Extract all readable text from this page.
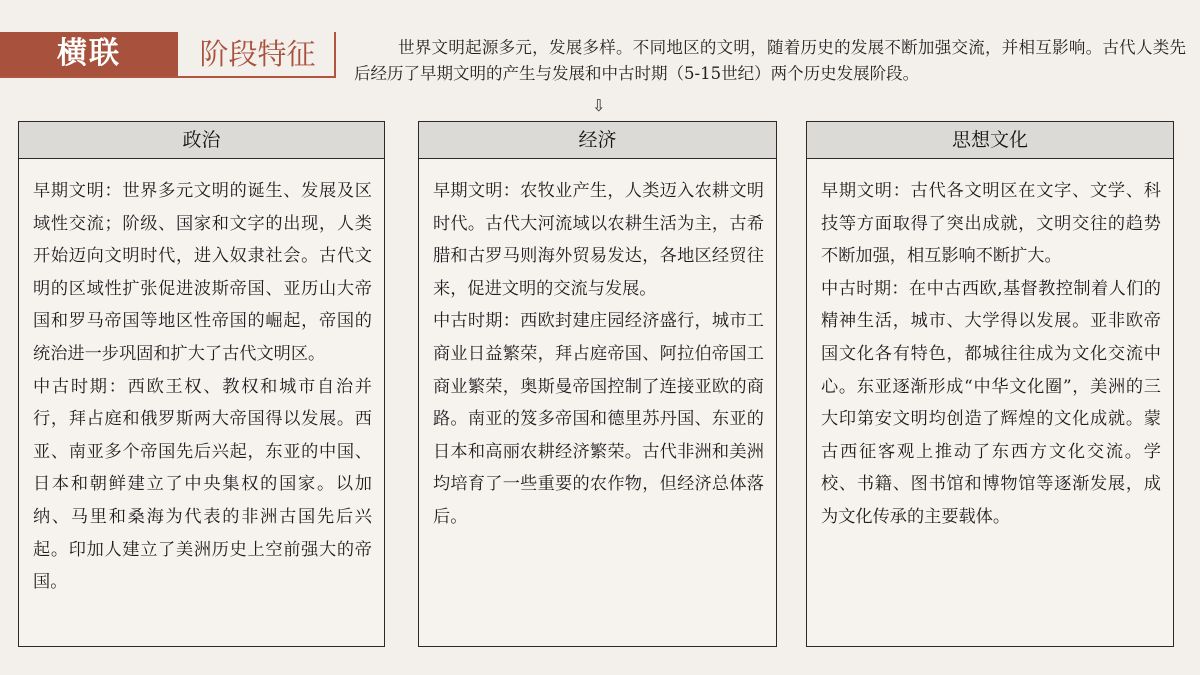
横联	阶段特征	世界文明起源多元，发展多样。不同地区的文明，随着历史的发展不断加强交流，并相互影响。古代人类先后经历了早期文明的产生与发展和中古时期（5-15世纪）两个历史发展阶段。

⇩
政治

早期文明：世界多元文明的诞生、发展及区域性交流；阶级、国家和文字的出现，人类开始迈向文明时代，进入奴隶社会。古代文明的区域性扩张促进波斯帝国、亚历山大帝国和罗马帝国等地区性帝国的崛起，帝国的统治进一步巩固和扩大了古代文明区。

中古时期：西欧王权、教权和城市自治并行，拜占庭和俄罗斯两大帝国得以发展。西亚、南亚多个帝国先后兴起，东亚的中国、日本和朝鲜建立了中央集权的国家。以加纳、马里和桑海为代表的非洲古国先后兴起。印加人建立了美洲历史上空前强大的帝国。

经济

早期文明：农牧业产生，人类迈入农耕文明时代。古代大河流域以农耕生活为主，古希腊和古罗马则海外贸易发达，各地区经贸往来，促进文明的交流与发展。

中古时期：西欧封建庄园经济盛行，城市工商业日益繁荣，拜占庭帝国、阿拉伯帝国工商业繁荣，奥斯曼帝国控制了连接亚欧的商路。南亚的笈多帝国和德里苏丹国、东亚的日本和高丽农耕经济繁荣。古代非洲和美洲均培育了一些重要的农作物，但经济总体落后。

思想文化

早期文明：古代各文明区在文字、文学、科技等方面取得了突出成就，文明交往的趋势不断加强，相互影响不断扩大。

中古时期：在中古西欧,基督教控制着人们的精神生活，城市、大学得以发展。亚非欧帝国文化各有特色，都城往往成为文化交流中心。东亚逐渐形成“中华文化圈”，美洲的三大印第安文明均创造了辉煌的文化成就。蒙古西征客观上推动了东西方文化交流。学校、书籍、图书馆和博物馆等逐渐发展，成为文化传承的主要载体。
